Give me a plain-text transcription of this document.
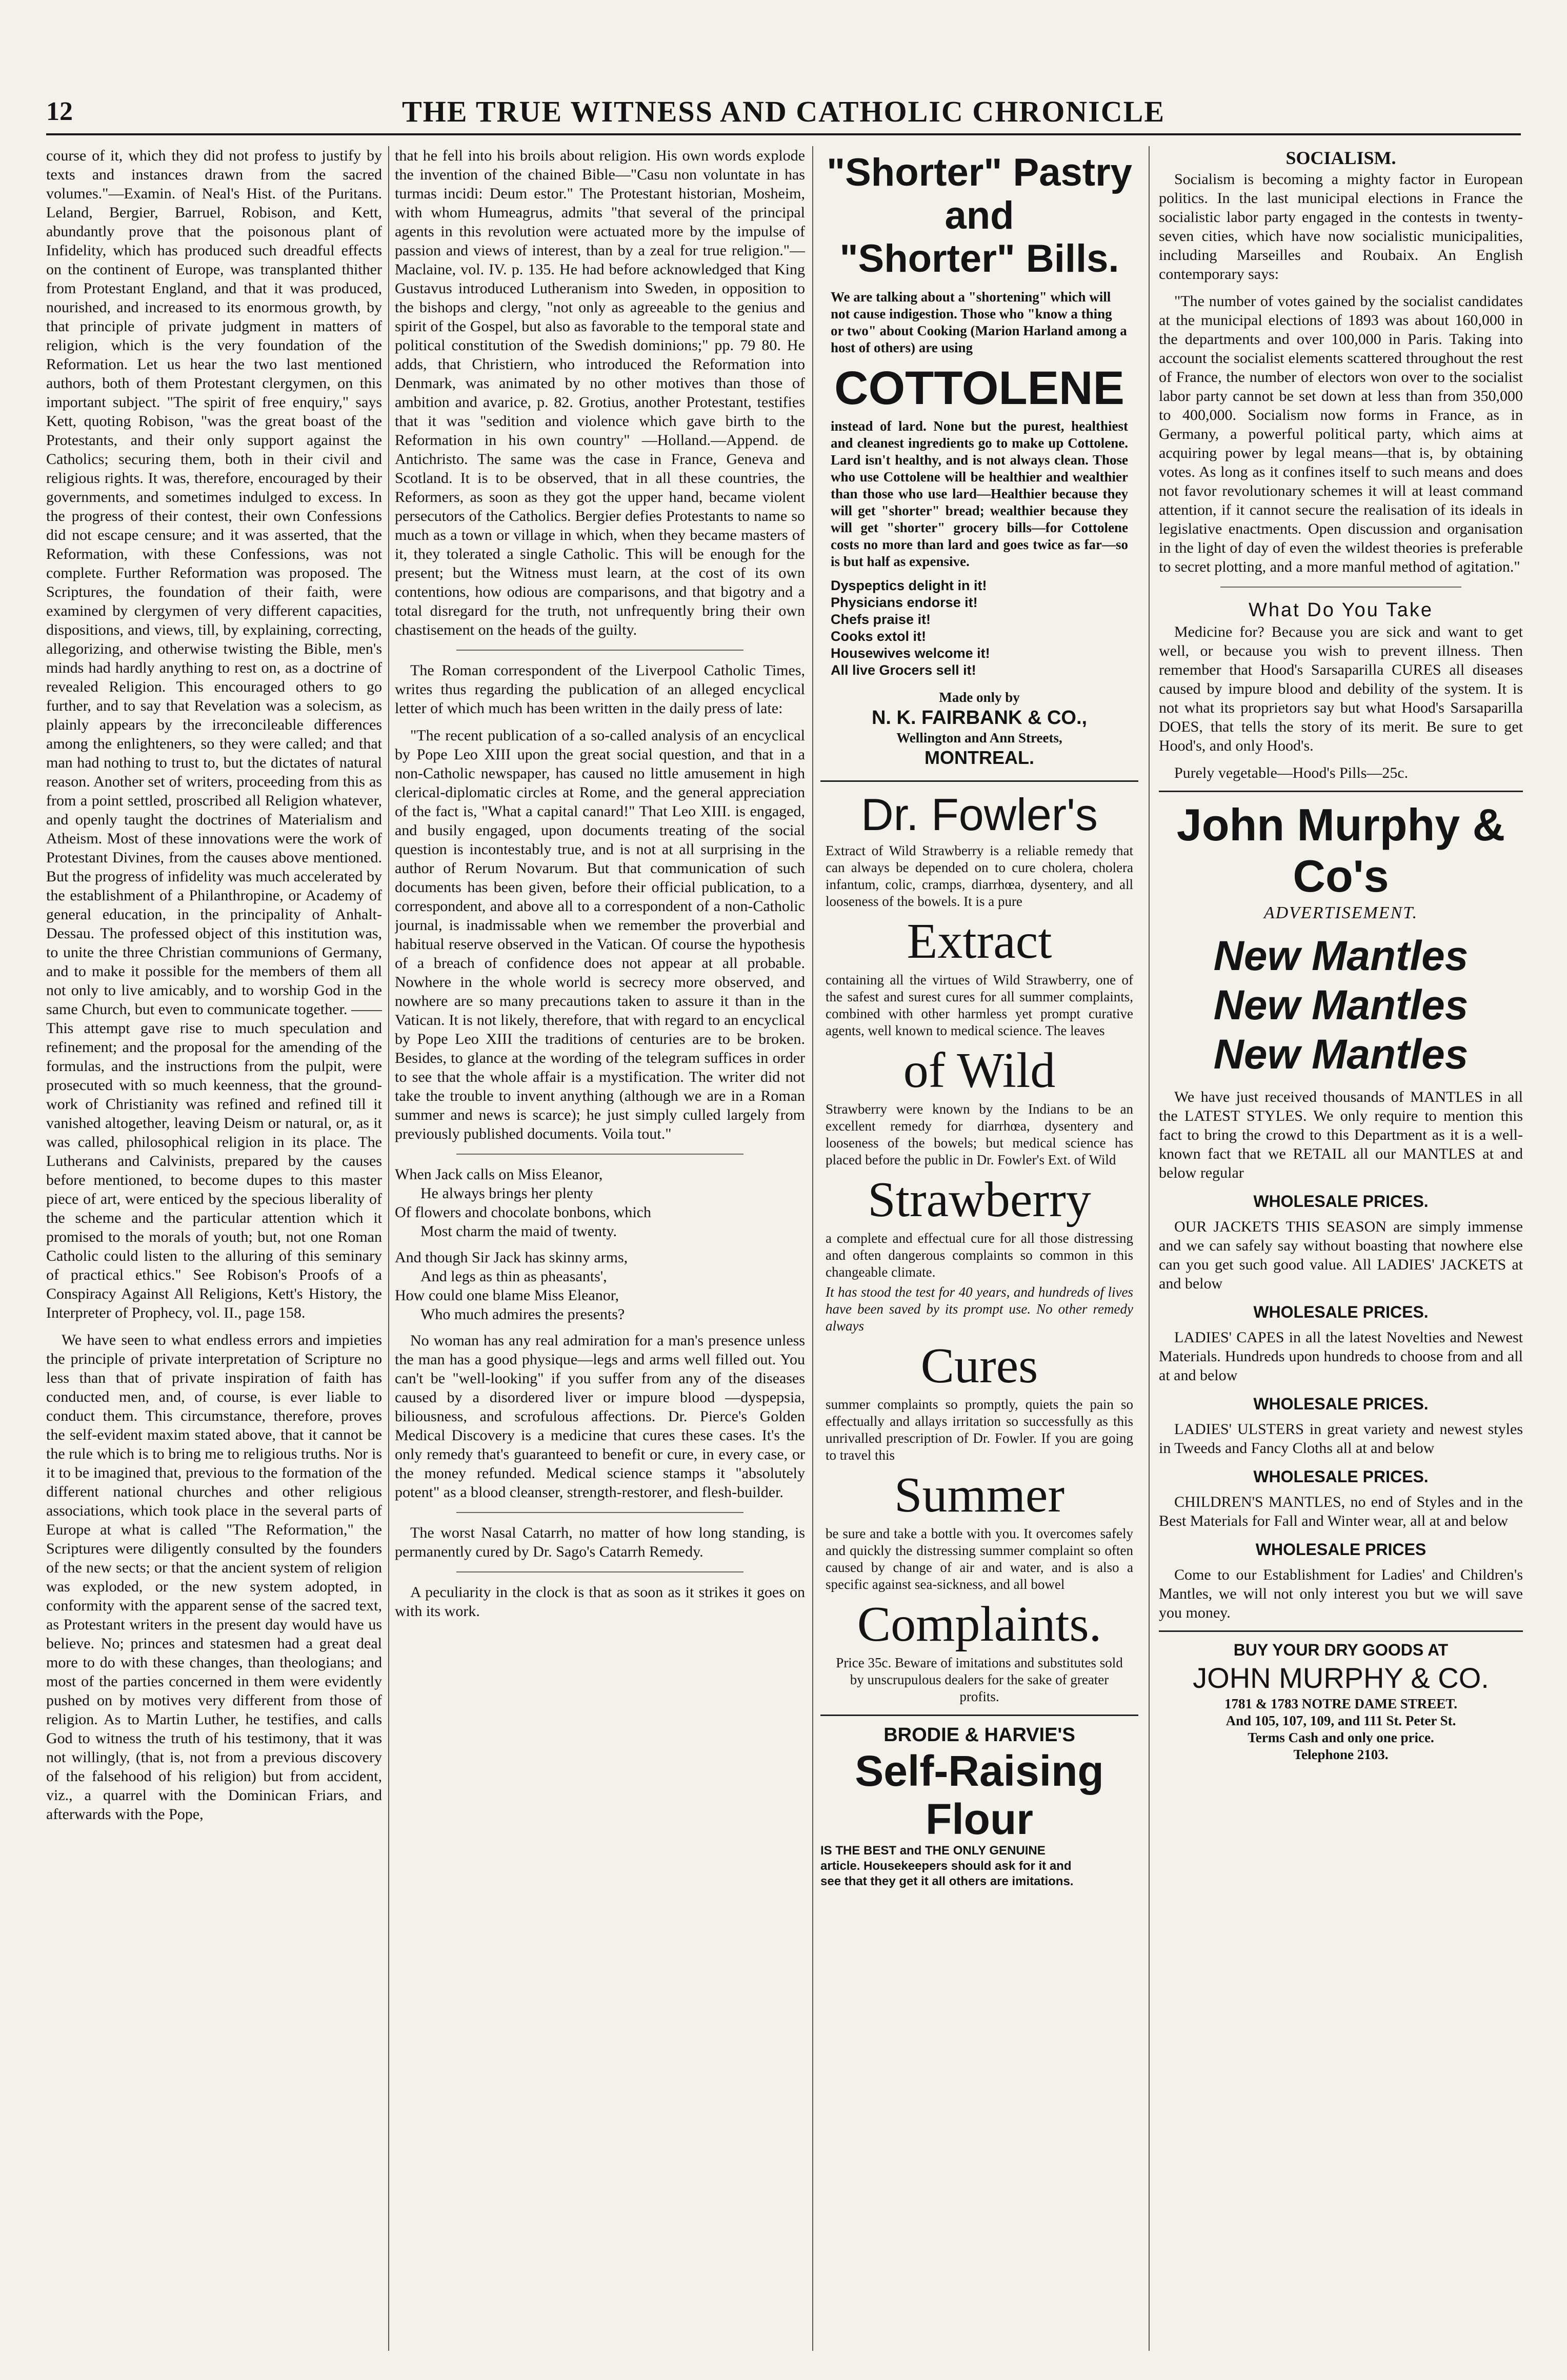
12	THE TRUE WITNESS AND CATHOLIC CHRONICLE

course of it, which they did not profess to justify by texts and instances drawn from the sacred volumes."—Examin. of Neal's Hist. of the Puritans. Leland, Bergier, Barruel, Robison, and Kett, abundantly prove that the poisonous plant of Infidelity, which has produced such dreadful effects on the continent of Europe, was transplanted thither from Protestant England, and that it was produced, nourished, and increased to its enormous growth, by that principle of private judgment in matters of religion, which is the very foundation of the Reformation. Let us hear the two last mentioned authors, both of them Protestant clergymen, on this important subject. "The spirit of free enquiry," says Kett, quoting Robison, "was the great boast of the Protestants, and their only support against the Catholics; securing them, both in their civil and religious rights. It was, therefore, encouraged by their governments, and sometimes indulged to excess. In the progress of their contest, their own Confessions did not escape censure; and it was asserted, that the Reformation, with these Confessions, was not complete. Further Reformation was proposed. The Scriptures, the foundation of their faith, were examined by clergymen of very different capacities, dispositions, and views, till, by explaining, correcting, allegorizing, and otherwise twisting the Bible, men's minds had hardly anything to rest on, as a doctrine of revealed Religion. This encouraged others to go further, and to say that Revelation was a solecism, as plainly appears by the irreconcileable differences among the enlighteners, so they were called; and that man had nothing to trust to, but the dictates of natural reason. Another set of writers, proceeding from this as from a point settled, proscribed all Religion whatever, and openly taught the doctrines of Materialism and Atheism. Most of these innovations were the work of Protestant Divines, from the causes above mentioned. But the progress of infidelity was much accelerated by the establishment of a Philanthropine, or Academy of general education, in the principality of Anhalt-Dessau. The professed object of this institution was, to unite the three Christian communions of Germany, and to make it possible for the members of them all not only to live amicably, and to worship God in the same Church, but even to communicate together. —— This attempt gave rise to much speculation and refinement; and the proposal for the amending of the formulas, and the instructions from the pulpit, were prosecuted with so much keenness, that the ground-work of Christianity was refined and refined till it vanished altogether, leaving Deism or natural, or, as it was called, philosophical religion in its place. The Lutherans and Calvinists, prepared by the causes before mentioned, to become dupes to this master piece of art, were enticed by the specious liberality of the scheme and the particular attention which it promised to the morals of youth; but, not one Roman Catholic could listen to the alluring of this seminary of practical ethics." See Robison's Proofs of a Conspiracy Against All Religions, Kett's History, the Interpreter of Prophecy, vol. II., page 158.

We have seen to what endless errors and impieties the principle of private interpretation of Scripture no less than that of private inspiration of faith has conducted men, and, of course, is ever liable to conduct them. This circumstance, therefore, proves the self-evident maxim stated above, that it cannot be the rule which is to bring me to religious truths. Nor is it to be imagined that, previous to the formation of the different national churches and other religious associations, which took place in the several parts of Europe at what is called "The Reformation," the Scriptures were diligently consulted by the founders of the new sects; or that the ancient system of religion was exploded, or the new system adopted, in conformity with the apparent sense of the sacred text, as Protestant writers in the present day would have us believe. No; princes and statesmen had a great deal more to do with these changes, than theologians; and most of the parties concerned in them were evidently pushed on by motives very different from those of religion. As to Martin Luther, he testifies, and calls God to witness the truth of his testimony, that it was not willingly, (that is, not from a previous discovery of the falsehood of his religion) but from accident, viz., a quarrel with the Dominican Friars, and afterwards with the Pope,

that he fell into his broils about religion. His own words explode the invention of the chained Bible—"Casu non voluntate in has turmas incidi: Deum estor." The Protestant historian, Mosheim, with whom Humeagrus, admits "that several of the principal agents in this revolution were actuated more by the impulse of passion and views of interest, than by a zeal for true religion."—Maclaine, vol. IV. p. 135. He had before acknowledged that King Gustavus introduced Lutheranism into Sweden, in opposition to the bishops and clergy, "not only as agreeable to the genius and spirit of the Gospel, but also as favorable to the temporal state and political constitution of the Swedish dominions;" pp. 79 80. He adds, that Christiern, who introduced the Reformation into Denmark, was animated by no other motives than those of ambition and avarice, p. 82. Grotius, another Protestant, testifies that it was "sedition and violence which gave birth to the Reformation in his own country" —Holland.—Append. de Antichristo. The same was the case in France, Geneva and Scotland. It is to be observed, that in all these countries, the Reformers, as soon as they got the upper hand, became violent persecutors of the Catholics. Bergier defies Protestants to name so much as a town or village in which, when they became masters of it, they tolerated a single Catholic. This will be enough for the present; but the Witness must learn, at the cost of its own contentions, how odious are comparisons, and that bigotry and a total disregard for the truth, not unfrequently bring their own chastisement on the heads of the guilty.

The Roman correspondent of the Liverpool Catholic Times, writes thus regarding the publication of an alleged encyclical letter of which much has been written in the daily press of late:

"The recent publication of a so-called analysis of an encyclical by Pope Leo XIII upon the great social question, and that in a non-Catholic newspaper, has caused no little amusement in high clerical-diplomatic circles at Rome, and the general appreciation of the fact is, "What a capital canard!" That Leo XIII. is engaged, and busily engaged, upon documents treating of the social question is incontestably true, and is not at all surprising in the author of Rerum Novarum. But that communication of such documents has been given, before their official publication, to a correspondent, and above all to a correspondent of a non-Catholic journal, is inadmissable when we remember the proverbial and habitual reserve observed in the Vatican. Of course the hypothesis of a breach of confidence does not appear at all probable. Nowhere in the whole world is secrecy more observed, and nowhere are so many precautions taken to assure it than in the Vatican. It is not likely, therefore, that with regard to an encyclical by Pope Leo XIII the traditions of centuries are to be broken. Besides, to glance at the wording of the telegram suffices in order to see that the whole affair is a mystification. The writer did not take the trouble to invent anything (although we are in a Roman summer and news is scarce); he just simply culled largely from previously published documents. Voila tout."

When Jack calls on Miss Eleanor,
He always brings her plenty
Of flowers and chocolate bonbons, which
Most charm the maid of twenty.
And though Sir Jack has skinny arms,
And legs as thin as pheasants',
How could one blame Miss Eleanor,
Who much admires the presents?

No woman has any real admiration for a man's presence unless the man has a good physique—legs and arms well filled out. You can't be "well-looking" if you suffer from any of the diseases caused by a disordered liver or impure blood —dyspepsia, biliousness, and scrofulous affections. Dr. Pierce's Golden Medical Discovery is a medicine that cures these cases. It's the only remedy that's guaranteed to benefit or cure, in every case, or the money refunded. Medical science stamps it "absolutely potent" as a blood cleanser, strength-restorer, and flesh-builder.

The worst Nasal Catarrh, no matter of how long standing, is permanently cured by Dr. Sago's Catarrh Remedy.

A peculiarity in the clock is that as soon as it strikes it goes on with its work.

"Shorter" Pastry
and
"Shorter" Bills.

We are talking about a "shortening" which will not cause indigestion. Those who "know a thing or two" about Cooking (Marion Harland among a host of others) are using

COTTOLENE

instead of lard. None but the purest, healthiest and cleanest ingredients go to make up Cottolene. Lard isn't healthy, and is not always clean. Those who use Cottolene will be healthier and wealthier than those who use lard—Healthier because they will get "shorter" bread; wealthier because they will get "shorter" grocery bills—for Cottolene costs no more than lard and goes twice as far—so is but half as expensive.

Dyspeptics delight in it!
Physicians endorse it!
Chefs praise it!
Cooks extol it!
Housewives welcome it!
All live Grocers sell it!
Made only by
N. K. FAIRBANK & CO.,
Wellington and Ann Streets,
MONTREAL.
Dr. Fowler's

Extract of Wild Strawberry is a reliable remedy that can always be depended on to cure cholera, cholera infantum, colic, cramps, diarrhœa, dysentery, and all looseness of the bowels. It is a pure

Extract

containing all the virtues of Wild Strawberry, one of the safest and surest cures for all summer complaints, combined with other harmless yet prompt curative agents, well known to medical science. The leaves

of Wild

Strawberry were known by the Indians to be an excellent remedy for diarrhœa, dysentery and looseness of the bowels; but medical science has placed before the public in Dr. Fowler's Ext. of Wild

Strawberry

a complete and effectual cure for all those distressing and often dangerous complaints so common in this changeable climate.

It has stood the test for 40 years, and hundreds of lives have been saved by its prompt use. No other remedy always

Cures

summer complaints so promptly, quiets the pain so effectually and allays irritation so successfully as this unrivalled prescription of Dr. Fowler. If you are going to travel this

Summer

be sure and take a bottle with you. It overcomes safely and quickly the distressing summer complaint so often caused by change of air and water, and is also a specific against sea-sickness, and all bowel

Complaints.

Price 35c. Beware of imitations and substitutes sold by unscrupulous dealers for the sake of greater profits.

BRODIE & HARVIE'S
Self-Raising Flour
IS THE BEST and THE ONLY GENUINE
article. Housekeepers should ask for it and
see that they get it all others are imitations.
SOCIALISM.

Socialism is becoming a mighty factor in European politics. In the last municipal elections in France the socialistic labor party engaged in the contests in twenty-seven cities, which have now socialistic municipalities, including Marseilles and Roubaix. An English contemporary says:

"The number of votes gained by the socialist candidates at the municipal elections of 1893 was about 160,000 in the departments and over 100,000 in Paris. Taking into account the socialist elements scattered throughout the rest of France, the number of electors won over to the socialist labor party cannot be set down at less than from 350,000 to 400,000. Socialism now forms in France, as in Germany, a powerful political party, which aims at acquiring power by legal means—that is, by obtaining votes. As long as it confines itself to such means and does not favor revolutionary schemes it will at least command attention, if it cannot secure the realisation of its ideals in legislative enactments. Open discussion and organisation in the light of day of even the wildest theories is preferable to secret plotting, and a more manful method of agitation."

What Do You Take

Medicine for? Because you are sick and want to get well, or because you wish to prevent illness. Then remember that Hood's Sarsaparilla CURES all diseases caused by impure blood and debility of the system. It is not what its proprietors say but what Hood's Sarsaparilla DOES, that tells the story of its merit. Be sure to get Hood's, and only Hood's.

Purely vegetable—Hood's Pills—25c.

John Murphy & Co's
ADVERTISEMENT.
New Mantles
New Mantles
New Mantles

We have just received thousands of MANTLES in all the LATEST STYLES. We only require to mention this fact to bring the crowd to this Department as it is a well-known fact that we RETAIL all our MANTLES at and below regular

WHOLESALE PRICES.

OUR JACKETS THIS SEASON are simply immense and we can safely say without boasting that nowhere else can you get such good value. All LADIES' JACKETS at and below

WHOLESALE PRICES.

LADIES' CAPES in all the latest Novelties and Newest Materials. Hundreds upon hundreds to choose from and all at and below

WHOLESALE PRICES.

LADIES' ULSTERS in great variety and newest styles in Tweeds and Fancy Cloths all at and below

WHOLESALE PRICES.

CHILDREN'S MANTLES, no end of Styles and in the Best Materials for Fall and Winter wear, all at and below

WHOLESALE PRICES

Come to our Establishment for Ladies' and Children's Mantles, we will not only interest you but we will save you money.

BUY YOUR DRY GOODS AT
JOHN MURPHY & CO.
1781 & 1783 NOTRE DAME STREET.
And 105, 107, 109, and 111 St. Peter St.
Terms Cash and only one price.
Telephone 2103.
